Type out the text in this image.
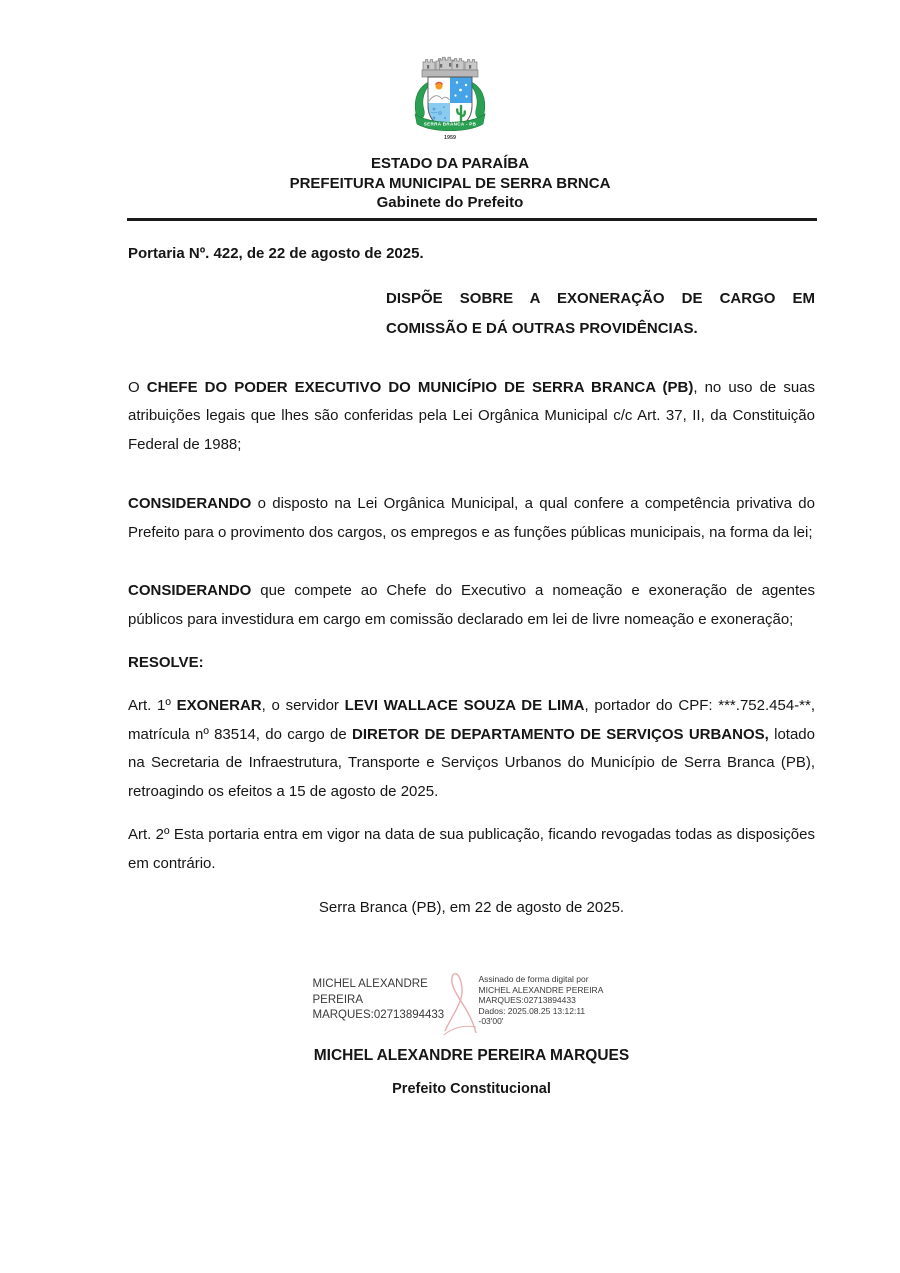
SERRA BRANCA - PB
1959
ESTADO DA PARAÍBA
PREFEITURA MUNICIPAL DE SERRA BRNCA
Gabinete do Prefeito

Portaria Nº. 422, de 22 de agosto de 2025.

DISPÕE SOBRE A EXONERAÇÃO DE CARGO EM COMISSÃO E DÁ OUTRAS PROVIDÊNCIAS.

O CHEFE DO PODER EXECUTIVO DO MUNICÍPIO DE SERRA BRANCA (PB), no uso de suas atribuições legais que lhes são conferidas pela Lei Orgânica Municipal c/c Art. 37, II, da Constituição Federal de 1988;

CONSIDERANDO o disposto na Lei Orgânica Municipal, a qual confere a competência privativa do Prefeito para o provimento dos cargos, os empregos e as funções públicas municipais, na forma da lei;

CONSIDERANDO que compete ao Chefe do Executivo a nomeação e exoneração de agentes públicos para investidura em cargo em comissão declarado em lei de livre nomeação e exoneração;

RESOLVE:

Art. 1º EXONERAR, o servidor LEVI WALLACE SOUZA DE LIMA, portador do CPF: ***.752.454-**, matrícula nº 83514, do cargo de DIRETOR DE DEPARTAMENTO DE SERVIÇOS URBANOS, lotado na Secretaria de Infraestrutura, Transporte e Serviços Urbanos do Município de Serra Branca (PB), retroagindo os efeitos a 15 de agosto de 2025.

Art. 2º Esta portaria entra em vigor na data de sua publicação, ficando revogadas todas as disposições em contrário.

Serra Branca (PB), em 22 de agosto de 2025.

MICHEL ALEXANDRE
PEREIRA
MARQUES:02713894433
Assinado de forma digital por
MICHEL ALEXANDRE PEREIRA
MARQUES:02713894433
Dados: 2025.08.25 13:12:11
-03'00'

MICHEL ALEXANDRE PEREIRA MARQUES

Prefeito Constitucional
